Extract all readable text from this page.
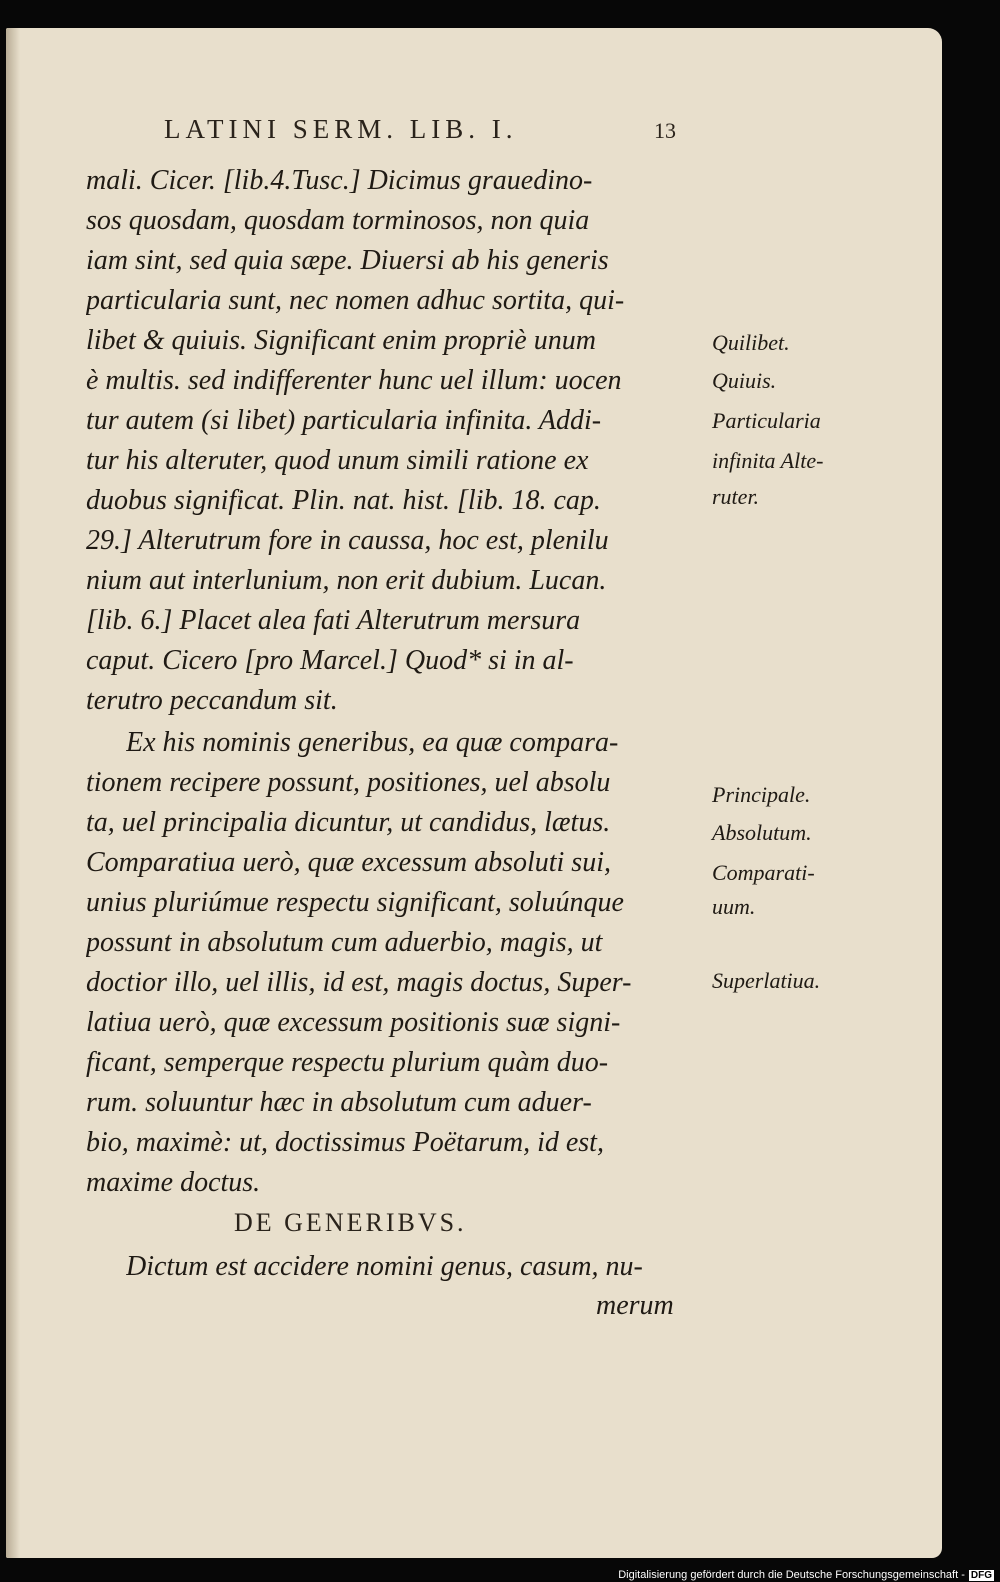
LATINI SERM. LIB. I.	13
mali. Cicer. [lib.4.Tusc.] Dicimus grauedino-
sos quosdam, quosdam torminosos, non quia
iam sint, sed quia sæpe. Diuersi ab his generis
particularia sunt, nec nomen adhuc sortita, qui-
libet & quiuis. Significant enim propriè unum
è multis. sed indifferenter hunc uel illum: uocen
tur autem (si libet) particularia infinita. Addi-
tur his alteruter, quod unum simili ratione ex
duobus significat. Plin. nat. hist. [lib. 18. cap.
29.] Alterutrum fore in caussa, hoc est, plenilu
nium aut interlunium, non erit dubium. Lucan.
[lib. 6.] Placet alea fati Alterutrum mersura
caput. Cicero [pro Marcel.] Quod* si in al-
terutro peccandum sit.
Ex his nominis generibus, ea quæ compara-
tionem recipere possunt, positiones, uel absolu
ta, uel principalia dicuntur, ut candidus, lætus.
Comparatiua uerò, quæ excessum absoluti sui,
unius pluriúmue respectu significant, soluúnque
possunt in absolutum cum aduerbio, magis, ut
doctior illo, uel illis, id est, magis doctus, Super-
latiua uerò, quæ excessum positionis suæ signi-
ficant, semperque respectu plurium quàm duo-
rum. soluuntur hæc in absolutum cum aduer-
bio, maximè: ut, doctissimus Poëtarum, id est,
maxime doctus.
DE GENERIBVS.
Dictum est accidere nomini genus, casum, nu-
merum
Quilibet.
Quiuis.
Particularia
infinita Alte-
ruter.
Principale.
Absolutum.
Comparati-
uum.
Superlatiua.
Digitalisierung gefördert durch die Deutsche Forschungsgemeinschaft - DFG
